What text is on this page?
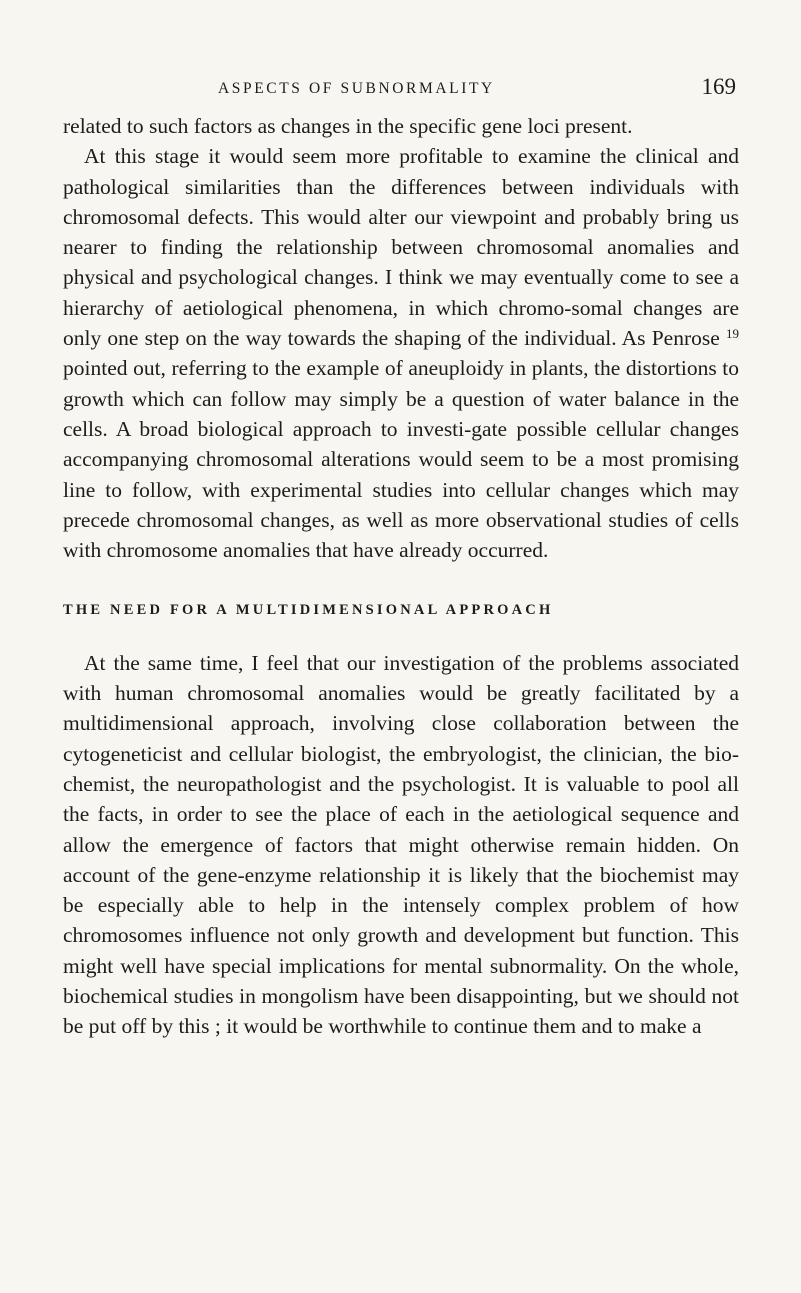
ASPECTS OF SUBNORMALITY	169

related to such factors as changes in the specific gene loci present.

At this stage it would seem more profitable to examine the clinical and pathological similarities than the differences between individuals with chromosomal defects. This would alter our viewpoint and probably bring us nearer to finding the relationship between chromosomal anomalies and physical and psychological changes. I think we may eventually come to see a hierarchy of aetiological phenomena, in which chromo-somal changes are only one step on the way towards the shaping of the individual. As Penrose $^{19}$ pointed out, referring to the example of aneuploidy in plants, the distortions to growth which can follow may simply be a question of water balance in the cells. A broad biological approach to investi-gate possible cellular changes accompanying chromosomal alterations would seem to be a most promising line to follow, with experimental studies into cellular changes which may precede chromosomal changes, as well as more observational studies of cells with chromosome anomalies that have already occurred.

THE NEED FOR A MULTIDIMENSIONAL APPROACH

At the same time, I feel that our investigation of the problems associated with human chromosomal anomalies would be greatly facilitated by a multidimensional approach, involving close collaboration between the cytogeneticist and cellular biologist, the embryologist, the clinician, the bio-chemist, the neuropathologist and the psychologist. It is valuable to pool all the facts, in order to see the place of each in the aetiological sequence and allow the emergence of factors that might otherwise remain hidden. On account of the gene-enzyme relationship it is likely that the biochemist may be especially able to help in the intensely complex problem of how chromosomes influence not only growth and development but function. This might well have special implications for mental subnormality. On the whole, biochemical studies in mongolism have been disappointing, but we should not be put off by this ; it would be worthwhile to continue them and to make a
